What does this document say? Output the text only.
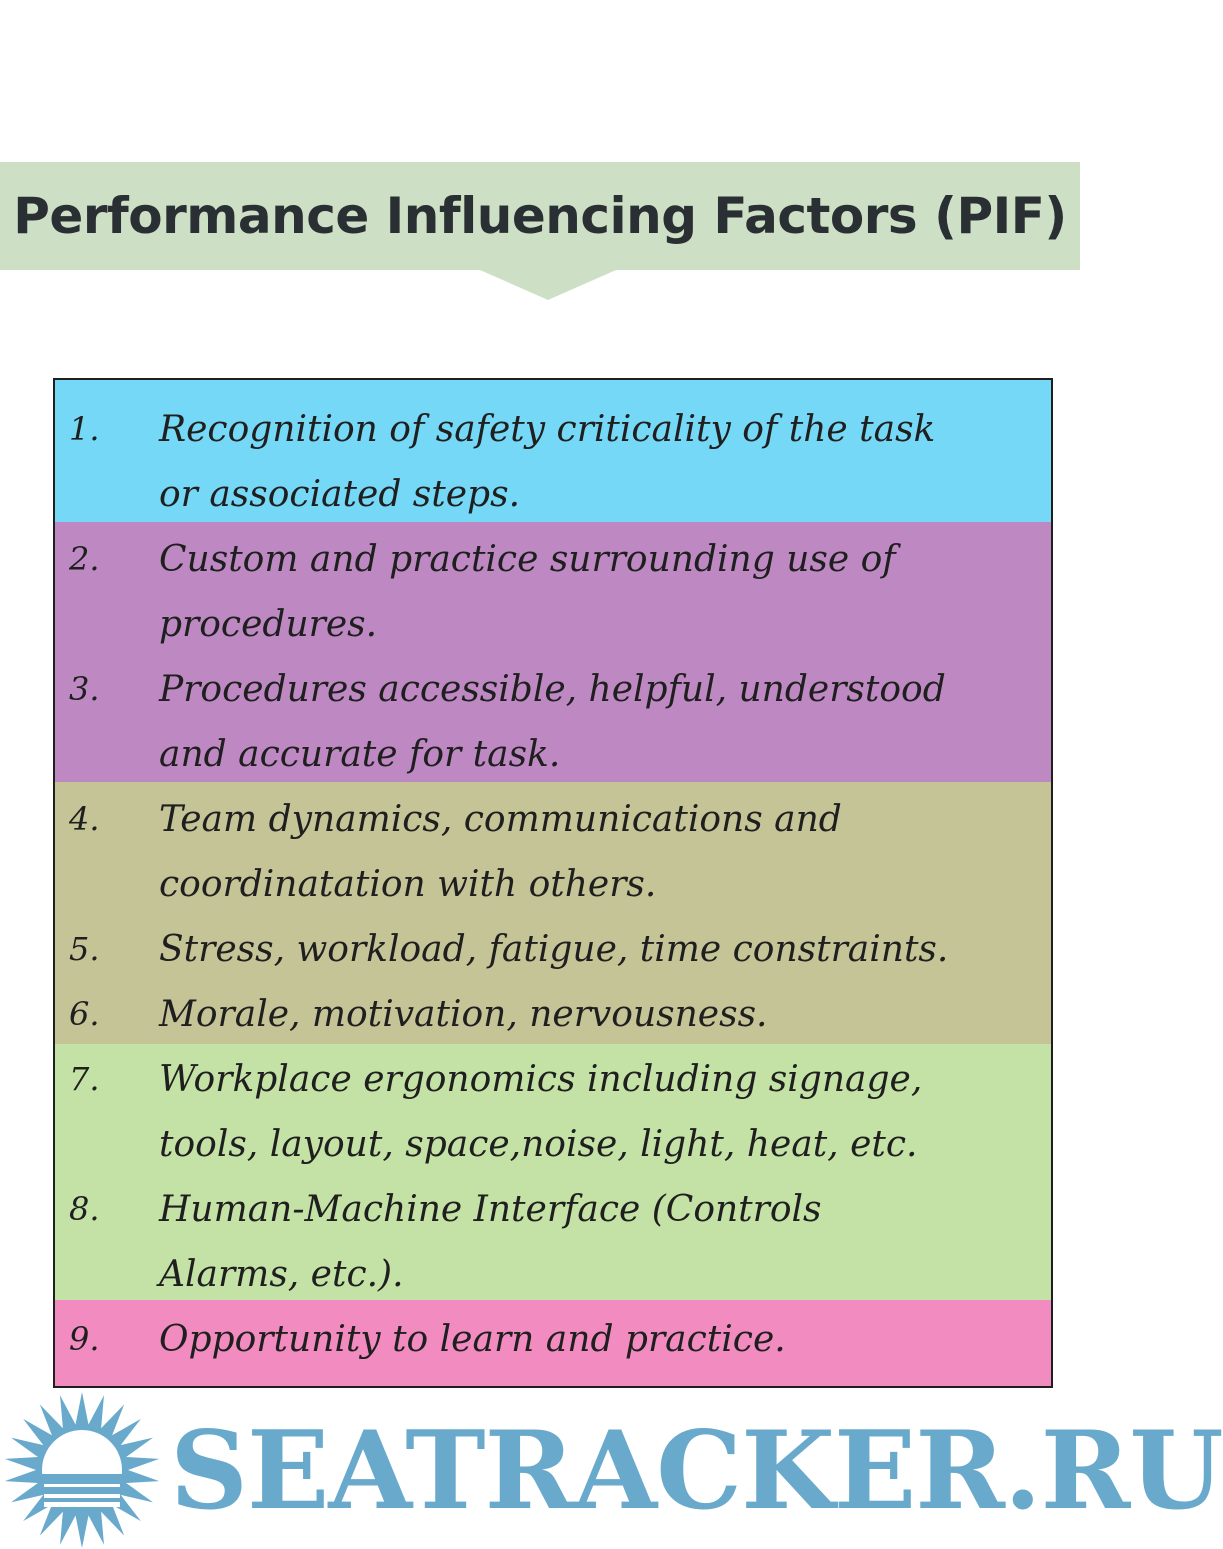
Performance Influencing Factors (PIF)
1.	Recognition of safety criticality of the task
or associated steps.
2.	Custom and practice surrounding use of
procedures.
3.	Procedures accessible, helpful, understood
and accurate for task.
4.	Team dynamics, communications and
coordinatation with others.
5.	Stress, workload, fatigue, time constraints.
6.	Morale, motivation, nervousness.
7.	Workplace ergonomics including signage,
tools, layout, space,noise, light, heat, etc.
8.	Human-Machine Interface (Controls
Alarms, etc.).
9.	Opportunity to learn and practice.
SEATRACKER.RU
